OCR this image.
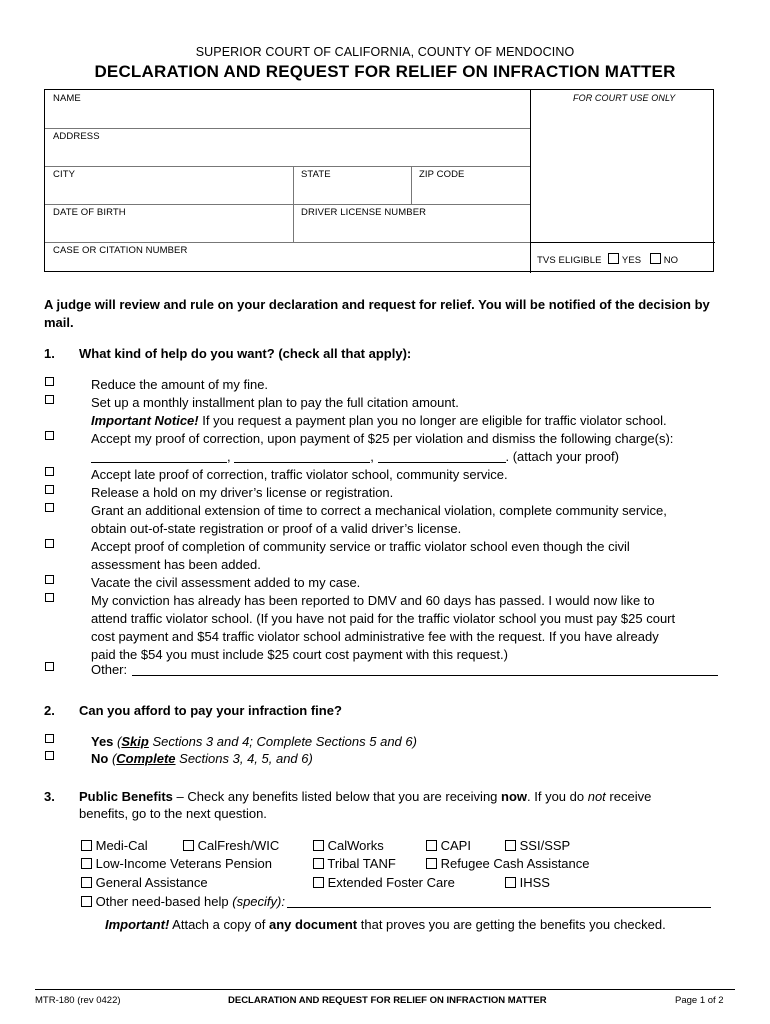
SUPERIOR COURT OF CALIFORNIA, COUNTY OF MENDOCINO
DECLARATION AND REQUEST FOR RELIEF ON INFRACTION MATTER
NAME
ADDRESS
CITY	STATE	ZIP CODE
DATE OF BIRTH	DRIVER LICENSE NUMBER
CASE OR CITATION NUMBER
FOR COURT USE ONLY
TVS ELIGIBLE YES NO
A judge will review and rule on your declaration and request for relief. You will be notified of the decision by mail.
1. What kind of help do you want? (check all that apply):
Reduce the amount of my fine.
Set up a monthly installment plan to pay the full citation amount.
Important Notice! If you request a payment plan you no longer are eligible for traffic violator school.
Accept my proof of correction, upon payment of $25 per violation and dismiss the following charge(s):
,	,	. (attach your proof)
Accept late proof of correction, traffic violator school, community service.
Release a hold on my driver’s license or registration.
Grant an additional extension of time to correct a mechanical violation, complete community service,
obtain out-of-state registration or proof of a valid driver’s license.
Accept proof of completion of community service or traffic violator school even though the civil
assessment has been added.
Vacate the civil assessment added to my case.
My conviction has already has been reported to DMV and 60 days has passed. I would now like to
attend traffic violator school. (If you have not paid for the traffic violator school you must pay $25 court
cost payment and $54 traffic violator school administrative fee with the request. If you have already
paid the $54 you must include $25 court cost payment with this request.)
Other:
2. Can you afford to pay your infraction fine?
Yes (Skip Sections 3 and 4; Complete Sections 5 and 6)
No (Complete Sections 3, 4, 5, and 6)
3. Public Benefits – Check any benefits listed below that you are receiving now. If you do not receive
benefits, go to the next question.
Medi-Cal	CalFresh/WIC	CalWorks	CAPI	SSI/SSP
Low-Income Veterans Pension	Tribal TANF	Refugee Cash Assistance
General Assistance	Extended Foster Care	IHSS
Other need-based help (specify):
Important! Attach a copy of any document that proves you are getting the benefits you checked.
MTR-180 (rev 0422)	DECLARATION AND REQUEST FOR RELIEF ON INFRACTION MATTER	Page 1 of 2
